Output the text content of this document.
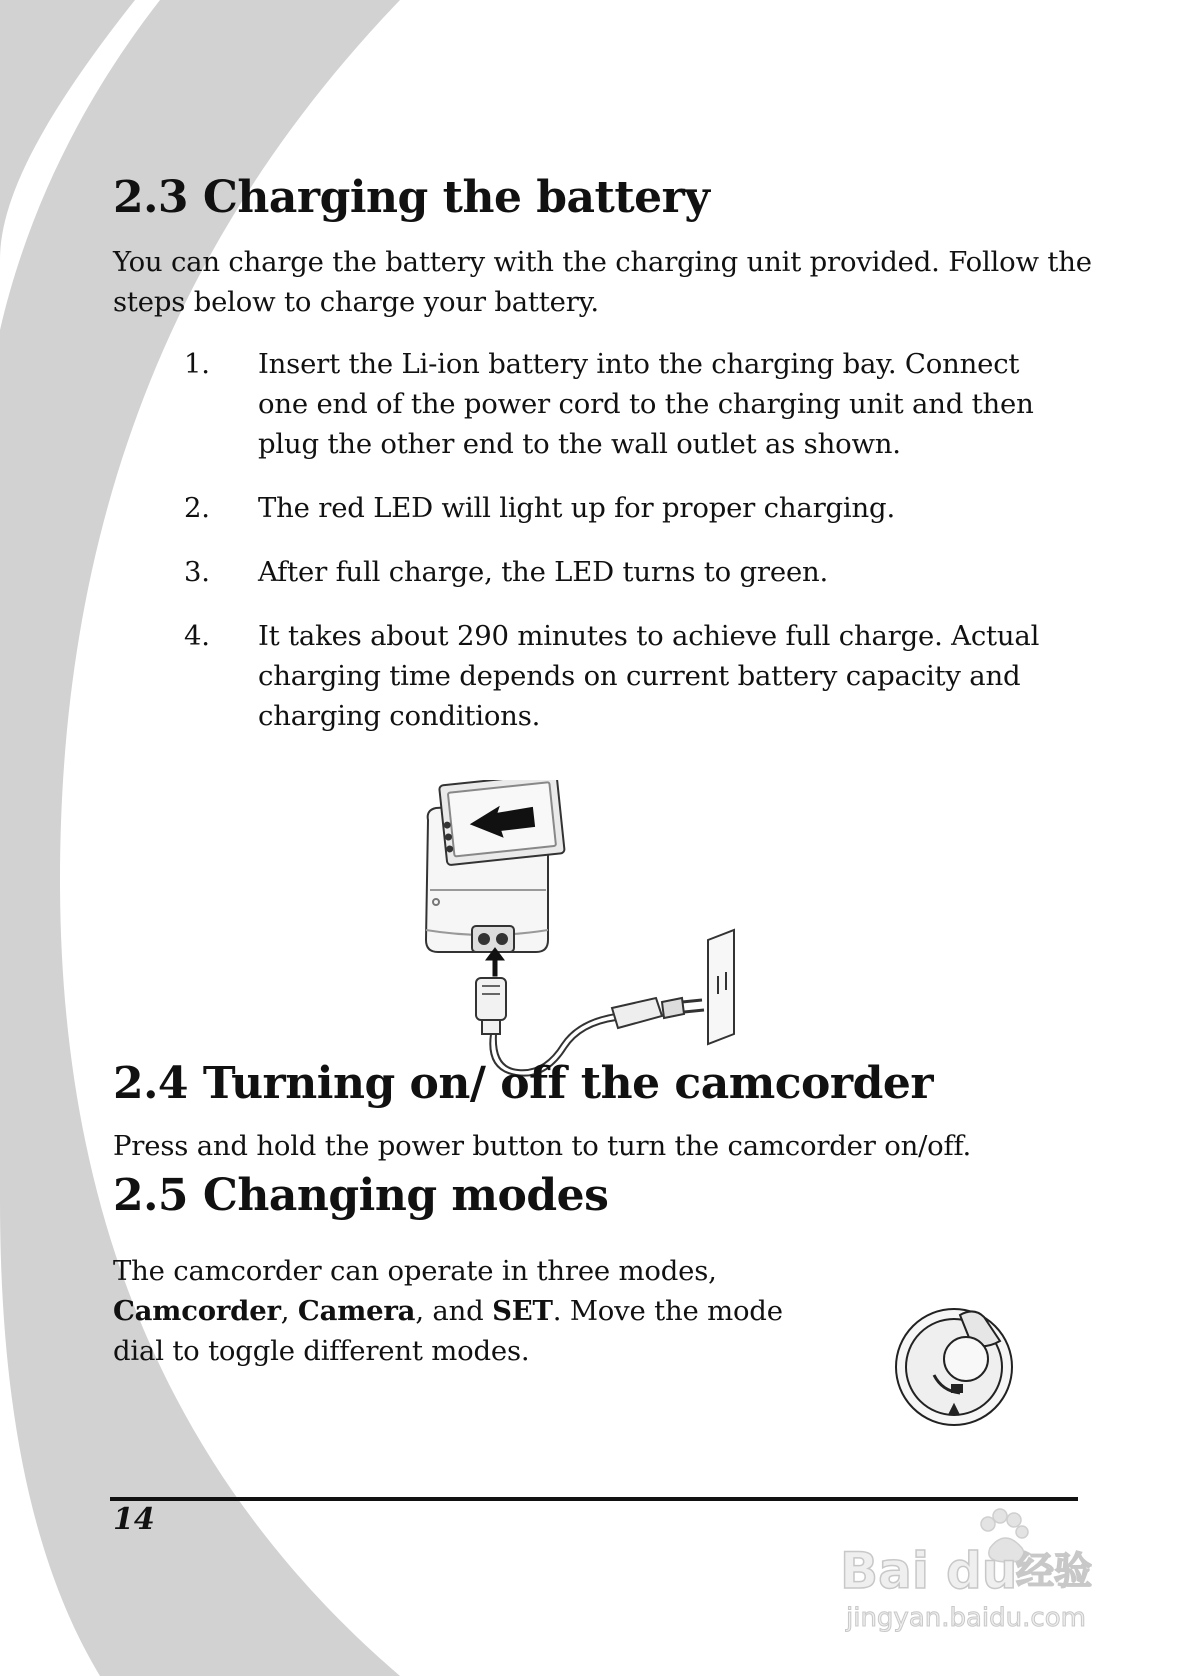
2.3 Charging the battery

You can charge the battery with the charging unit provided. Follow the steps below to charge your battery.

1.	Insert the Li-ion battery into the charging bay. Connect one end of the power cord to the charging unit and then plug the other end to the wall outlet as shown.
2.	The red LED will light up for proper charging.
3.	After full charge, the LED turns to green.
4.	It takes about 290 minutes to achieve full charge. Actual charging time depends on current battery capacity and charging conditions.
2.4 Turning on/ off the camcorder

Press and hold the power button to turn the camcorder on/off.

2.5 Changing modes

The camcorder can operate in three modes, Camcorder, Camera, and SET. Move the mode dial to toggle different modes.

14

Bai du
经验
jingyan.baidu.com
